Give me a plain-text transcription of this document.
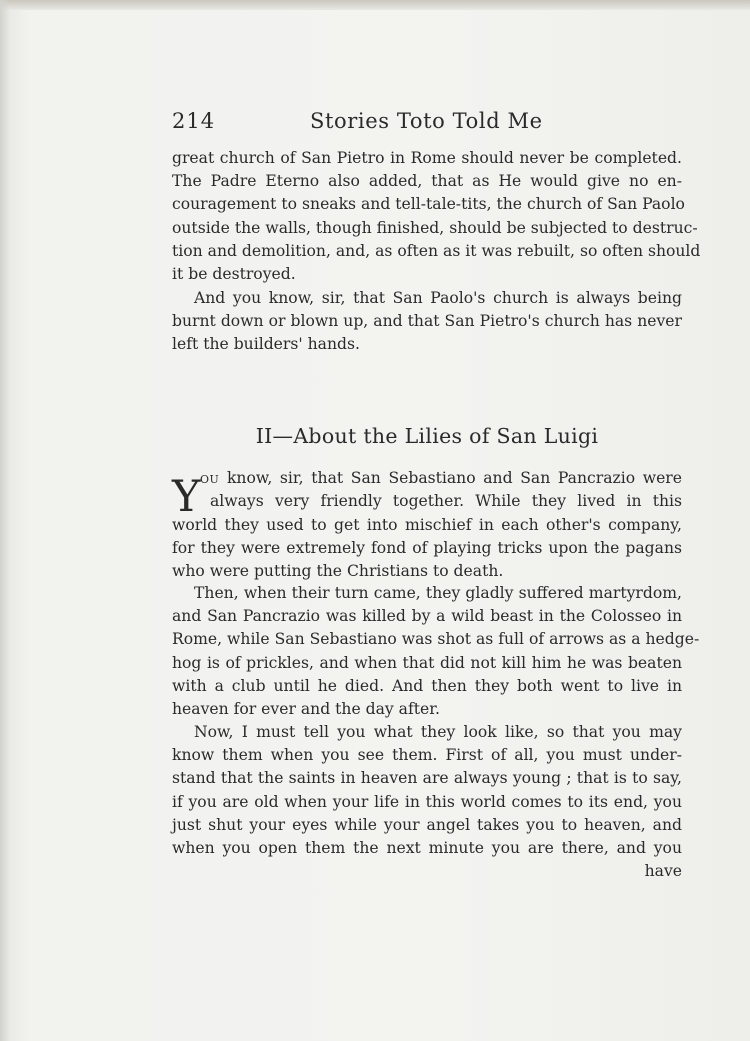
214	Stories Toto Told Me
great church of San Pietro in Rome should never be completed.
The Padre Eterno also added, that as He would give no en-
couragement to sneaks and tell-tale-tits, the church of San Paolo
outside the walls, though finished, should be subjected to destruc-
tion and demolition, and, as often as it was rebuilt, so often should
it be destroyed.
And you know, sir, that San Paolo's church is always being
burnt down or blown up, and that San Pietro's church has never
left the builders' hands.
II—About the Lilies of San Luigi
Y ou know, sir, that San Sebastiano and San Pancrazio were
always very friendly together. While they lived in this
world they used to get into mischief in each other's company,
for they were extremely fond of playing tricks upon the pagans
who were putting the Christians to death.
Then, when their turn came, they gladly suffered martyrdom,
and San Pancrazio was killed by a wild beast in the Colosseo in
Rome, while San Sebastiano was shot as full of arrows as a hedge-
hog is of prickles, and when that did not kill him he was beaten
with a club until he died. And then they both went to live in
heaven for ever and the day after.
Now, I must tell you what they look like, so that you may
know them when you see them. First of all, you must under-
stand that the saints in heaven are always young ; that is to say,
if you are old when your life in this world comes to its end, you
just shut your eyes while your angel takes you to heaven, and
when you open them the next minute you are there, and you
have
